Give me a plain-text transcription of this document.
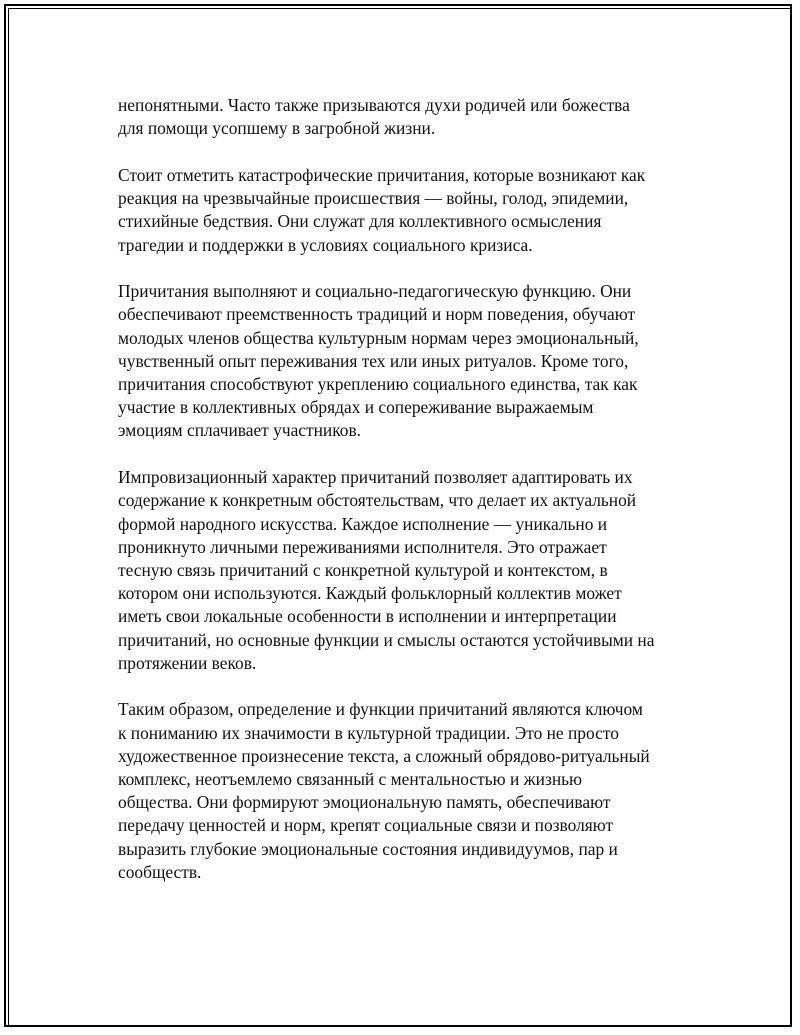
непонятными. Часто также призываются духи родичей или божества
для помощи усопшему в загробной жизни.

Стоит отметить катастрофические причитания, которые возникают как
реакция на чрезвычайные происшествия — войны, голод, эпидемии,
стихийные бедствия. Они служат для коллективного осмысления
трагедии и поддержки в условиях социального кризиса.

Причитания выполняют и социально-педагогическую функцию. Они
обеспечивают преемственность традиций и норм поведения, обучают
молодых членов общества культурным нормам через эмоциональный,
чувственный опыт переживания тех или иных ритуалов. Кроме того,
причитания способствуют укреплению социального единства, так как
участие в коллективных обрядах и сопереживание выражаемым
эмоциям сплачивает участников.

Импровизационный характер причитаний позволяет адаптировать их
содержание к конкретным обстоятельствам, что делает их актуальной
формой народного искусства. Каждое исполнение — уникально и
проникнуто личными переживаниями исполнителя. Это отражает
тесную связь причитаний с конкретной культурой и контекстом, в
котором они используются. Каждый фольклорный коллектив может
иметь свои локальные особенности в исполнении и интерпретации
причитаний, но основные функции и смыслы остаются устойчивыми на
протяжении веков.

Таким образом, определение и функции причитаний являются ключом
к пониманию их значимости в культурной традиции. Это не просто
художественное произнесение текста, а сложный обрядово-ритуальный
комплекс, неотъемлемо связанный с ментальностью и жизнью
общества. Они формируют эмоциональную память, обеспечивают
передачу ценностей и норм, крепят социальные связи и позволяют
выразить глубокие эмоциональные состояния индивидуумов, пар и
сообществ.
